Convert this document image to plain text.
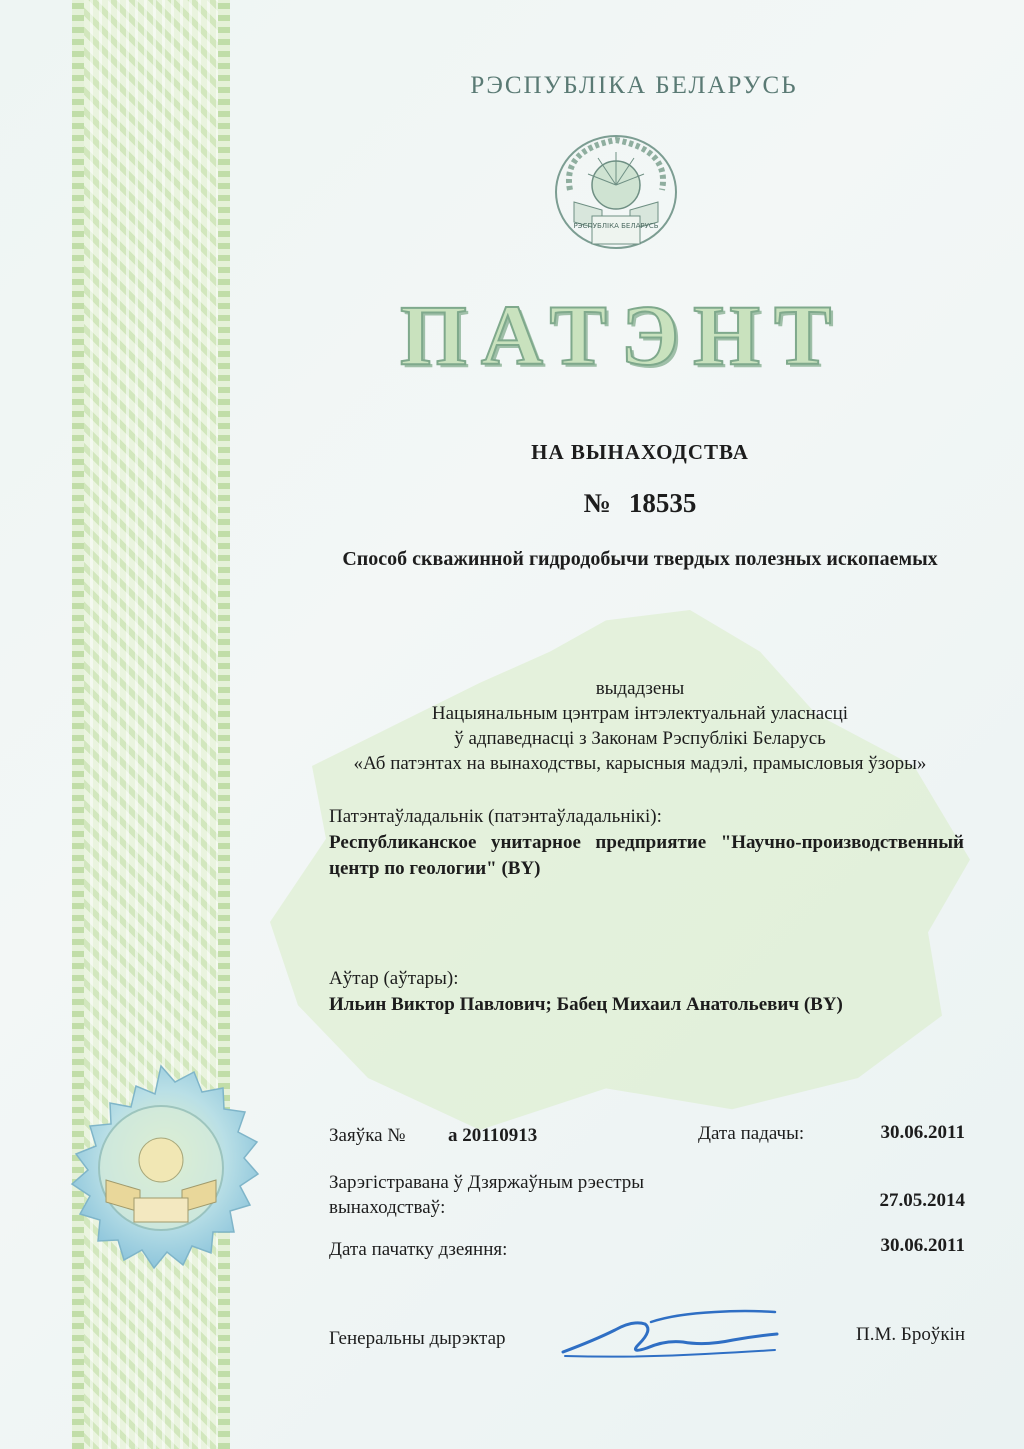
РЭСПУБЛІКА БЕЛАРУСЬ
РЭСПУБЛІКА БЕЛАРУСЬ
ПАТЭНТ
НА ВЫНАХОДСТВА
№ 18535
Способ скважинной гидродобычи твердых полезных ископаемых
выдадзены
Нацыянальным цэнтрам інтэлектуальнай уласнасці
ў адпаведнасці з Законам Рэспублікі Беларусь
«Аб патэнтах на вынаходствы, карысныя мадэлі, прамысловыя ўзоры»
Патэнтаўладальнік (патэнтаўладальнікі):
Республиканское унитарное предприятие "Научно-производственный центр по геологии" (BY)
Аўтар (аўтары):
Ильин Виктор Павлович; Бабец Михаил Анатольевич (BY)
Заяўка № а 20110913	Дата падачы:	30.06.2011
Зарэгістравана ў Дзяржаўным рэестры
вынаходстваў:	27.05.2014
Дата пачатку дзеяння:	30.06.2011
Генеральны дырэктар	П.М. Броўкін
